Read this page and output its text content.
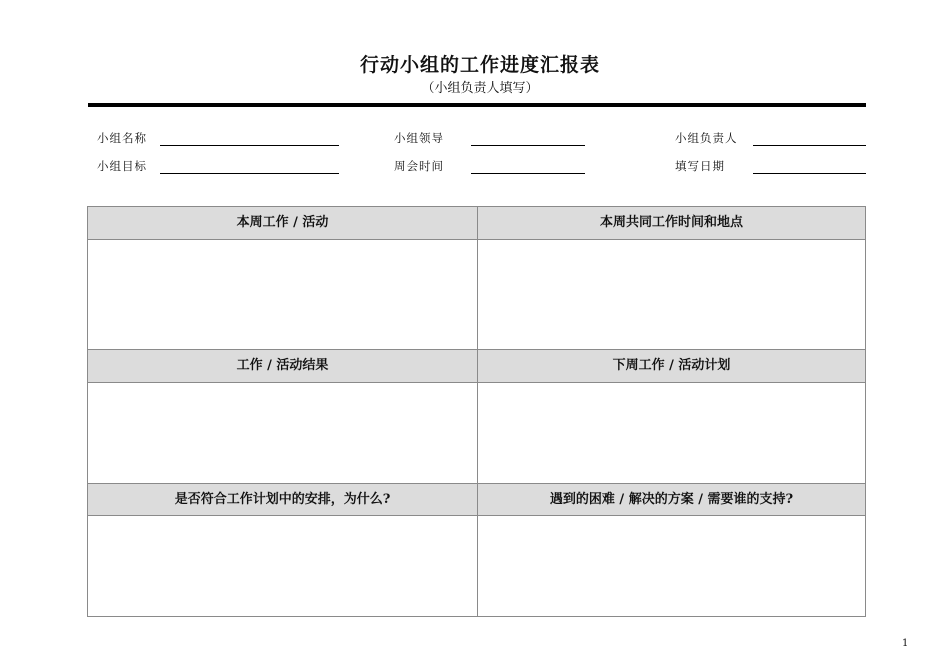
行动小组的工作进度汇报表
（小组负责人填写）
小组名称	小组领导	小组负责人
小组目标	周会时间	填写日期
本周工作 / 活动	本周共同工作时间和地点
工作 / 活动结果	下周工作 / 活动计划
是否符合工作计划中的安排，为什么?	遇到的困难 / 解决的方案 / 需要谁的支持?
1
